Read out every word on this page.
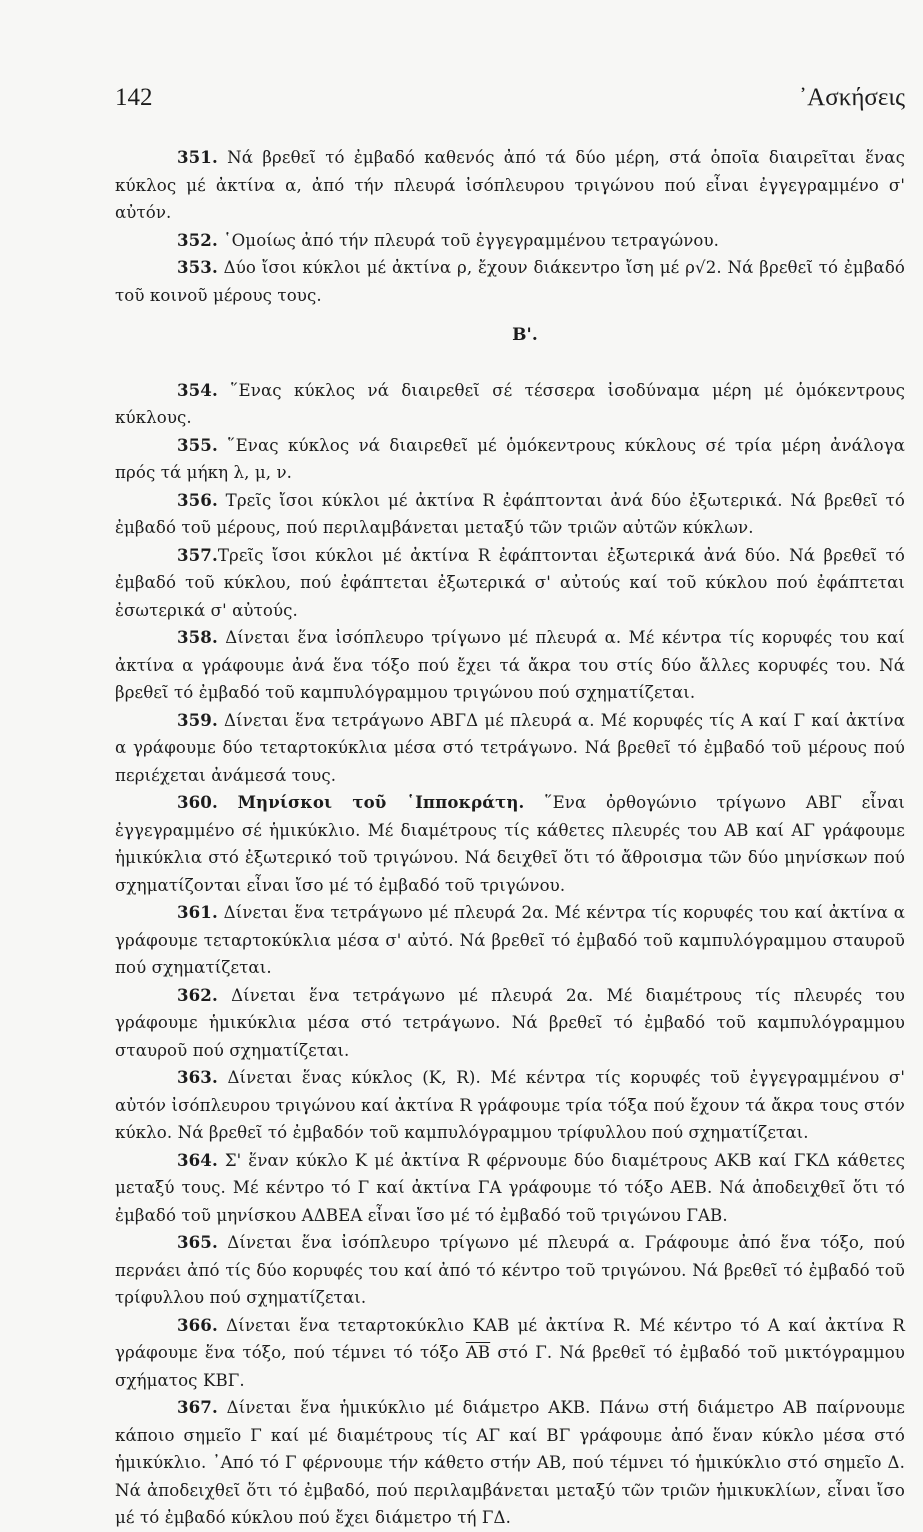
142	᾿Ασκήσεις

351. Νά βρεθεῖ τό ἐμβαδό καθενός ἀπό τά δύο μέρη, στά ὁποῖα διαιρεῖται ἕνας κύκλος μέ ἀκτίνα α, ἀπό τήν πλευρά ἰσόπλευρου τριγώνου πού εἶναι ἐγγεγραμμένο σ' αὐτόν.

352. ῾Ομοίως ἀπό τήν πλευρά τοῦ ἐγγεγραμμένου τετραγώνου.

353. Δύο ἴσοι κύκλοι μέ ἀκτίνα ρ, ἔχουν διάκεντρο ἴση μέ ρ√2. Νά βρεθεῖ τό ἐμβαδό τοῦ κοινοῦ μέρους τους.

Β'.

354. ῞Ενας κύκλος νά διαιρεθεῖ σέ τέσσερα ἰσοδύναμα μέρη μέ ὁμόκεντρους κύκλους.

355. ῞Ενας κύκλος νά διαιρεθεῖ μέ ὁμόκεντρους κύκλους σέ τρία μέρη ἀνάλογα πρός τά μήκη λ, μ, ν.

356. Τρεῖς ἴσοι κύκλοι μέ ἀκτίνα R ἐφάπτονται ἀνά δύο ἐξωτερικά. Νά βρεθεῖ τό ἐμβαδό τοῦ μέρους, πού περιλαμβάνεται μεταξύ τῶν τριῶν αὐτῶν κύκλων.

357.Τρεῖς ἴσοι κύκλοι μέ ἀκτίνα R ἐφάπτονται ἐξωτερικά ἀνά δύο. Νά βρεθεῖ τό ἐμβαδό τοῦ κύκλου, πού ἐφάπτεται ἐξωτερικά σ' αὐτούς καί τοῦ κύκλου πού ἐφάπτεται ἐσωτερικά σ' αὐτούς.

358. Δίνεται ἕνα ἰσόπλευρο τρίγωνο μέ πλευρά α. Μέ κέντρα τίς κορυφές του καί ἀκτίνα α γράφουμε ἀνά ἕνα τόξο πού ἔχει τά ἄκρα του στίς δύο ἄλλες κορυφές του. Νά βρεθεῖ τό ἐμβαδό τοῦ καμπυλόγραμμου τριγώνου πού σχηματίζεται.

359. Δίνεται ἕνα τετράγωνο ΑΒΓΔ μέ πλευρά α. Μέ κορυφές τίς Α καί Γ καί ἀκτίνα α γράφουμε δύο τεταρτοκύκλια μέσα στό τετράγωνο. Νά βρεθεῖ τό ἐμβαδό τοῦ μέρους πού περιέχεται ἀνάμεσά τους.

360. Μηνίσκοι τοῦ ῾Ιπποκράτη. ῞Ενα ὀρθογώνιο τρίγωνο ΑΒΓ εἶναι ἐγγεγραμμένο σέ ἡμικύκλιο. Μέ διαμέτρους τίς κάθετες πλευρές του ΑΒ καί ΑΓ γράφουμε ἡμικύκλια στό ἐξωτερικό τοῦ τριγώνου. Νά δειχθεῖ ὅτι τό ἄθροισμα τῶν δύο μηνίσκων πού σχηματίζονται εἶναι ἴσο μέ τό ἐμβαδό τοῦ τριγώνου.

361. Δίνεται ἕνα τετράγωνο μέ πλευρά 2α. Μέ κέντρα τίς κορυφές του καί ἀκτίνα α γράφουμε τεταρτοκύκλια μέσα σ' αὐτό. Νά βρεθεῖ τό ἐμβαδό τοῦ καμπυλόγραμμου σταυροῦ πού σχηματίζεται.

362. Δίνεται ἕνα τετράγωνο μέ πλευρά 2α. Μέ διαμέτρους τίς πλευρές του γράφουμε ἡμικύκλια μέσα στό τετράγωνο. Νά βρεθεῖ τό ἐμβαδό τοῦ καμπυλόγραμμου σταυροῦ πού σχηματίζεται.

363. Δίνεται ἕνας κύκλος (Κ, R). Μέ κέντρα τίς κορυφές τοῦ ἐγγεγραμμένου σ' αὐτόν ἰσόπλευρου τριγώνου καί ἀκτίνα R γράφουμε τρία τόξα πού ἔχουν τά ἄκρα τους στόν κύκλο. Νά βρεθεῖ τό ἐμβαδόν τοῦ καμπυλόγραμμου τρίφυλλου πού σχηματίζεται.

364. Σ' ἕναν κύκλο Κ μέ ἀκτίνα R φέρνουμε δύο διαμέτρους ΑΚΒ καί ΓΚΔ κάθετες μεταξύ τους. Μέ κέντρο τό Γ καί ἀκτίνα ΓΑ γράφουμε τό τόξο ΑΕΒ. Νά ἀποδειχθεῖ ὅτι τό ἐμβαδό τοῦ μηνίσκου ΑΔΒΕΑ εἶναι ἴσο μέ τό ἐμβαδό τοῦ τριγώνου ΓΑΒ.

365. Δίνεται ἕνα ἰσόπλευρο τρίγωνο μέ πλευρά α. Γράφουμε ἀπό ἕνα τόξο, πού περνάει ἀπό τίς δύο κορυφές του καί ἀπό τό κέντρο τοῦ τριγώνου. Νά βρεθεῖ τό ἐμβαδό τοῦ τρίφυλλου πού σχηματίζεται.

366. Δίνεται ἕνα τεταρτοκύκλιο ΚΑΒ μέ ἀκτίνα R. Μέ κέντρο τό Α καί ἀκτίνα R γράφουμε ἕνα τόξο, πού τέμνει τό τόξο $\overline{AB}$ στό Γ. Νά βρεθεῖ τό ἐμβαδό τοῦ μικτόγραμμου σχήματος ΚΒΓ.

367. Δίνεται ἕνα ἡμικύκλιο μέ διάμετρο ΑΚΒ. Πάνω στή διάμετρο ΑΒ παίρνουμε κάποιο σημεῖο Γ καί μέ διαμέτρους τίς ΑΓ καί ΒΓ γράφουμε ἀπό ἕναν κύκλο μέσα στό ἡμικύκλιο. ᾿Από τό Γ φέρνουμε τήν κάθετο στήν ΑΒ, πού τέμνει τό ἡμικύκλιο στό σημεῖο Δ. Νά ἀποδειχθεῖ ὅτι τό ἐμβαδό, πού περιλαμβάνεται μεταξύ τῶν τριῶν ἡμικυκλίων, εἶναι ἴσο μέ τό ἐμβαδό κύκλου πού ἔχει διάμετρο τή ΓΔ.
